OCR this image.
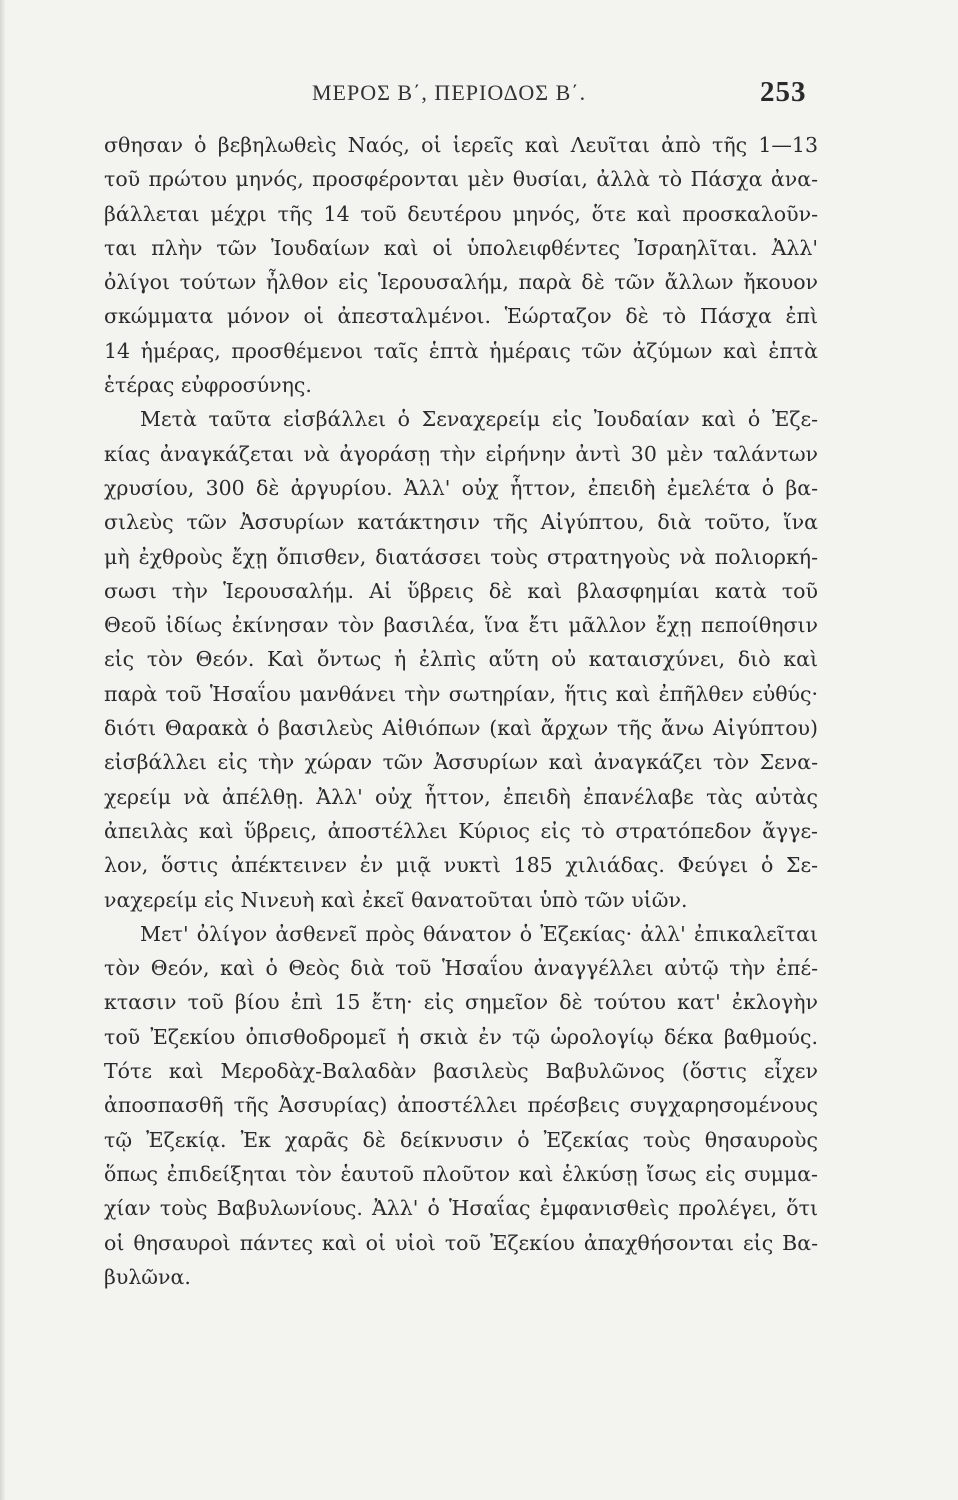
ΜΕΡΟΣ Β΄, ΠΕΡΙΟΔΟΣ Β΄.	253
σθησαν ὁ βεβηλωθεὶς Ναός, οἱ ἱερεῖς καὶ Λευῖται ἀπὸ τῆς 1—13
τοῦ πρώτου μηνός, προσφέρονται μὲν θυσίαι, ἀλλὰ τὸ Πάσχα ἀνα-
βάλλεται μέχρι τῆς 14 τοῦ δευτέρου μηνός, ὅτε καὶ προσκαλοῦν-
ται πλὴν τῶν Ἰουδαίων καὶ οἱ ὑπολειφθέντες Ἰσραηλῖται. Ἀλλ'
ὀλίγοι τούτων ἦλθον εἰς Ἱερουσαλήμ, παρὰ δὲ τῶν ἄλλων ἤκουον
σκώμματα μόνον οἱ ἀπεσταλμένοι. Ἑώρταζον δὲ τὸ Πάσχα ἐπὶ
14 ἡμέρας, προσθέμενοι ταῖς ἑπτὰ ἡμέραις τῶν ἀζύμων καὶ ἑπτὰ
ἑτέρας εὐφροσύνης.
Μετὰ ταῦτα εἰσβάλλει ὁ Σεναχερείμ εἰς Ἰουδαίαν καὶ ὁ Ἐζε-
κίας ἀναγκάζεται νὰ ἀγοράσῃ τὴν εἰρήνην ἀντὶ 30 μὲν ταλάντων
χρυσίου, 300 δὲ ἀργυρίου. Ἀλλ' οὐχ ἧττον, ἐπειδὴ ἐμελέτα ὁ βα-
σιλεὺς τῶν Ἀσσυρίων κατάκτησιν τῆς Αἰγύπτου, διὰ τοῦτο, ἵνα
μὴ ἐχθροὺς ἔχῃ ὄπισθεν, διατάσσει τοὺς στρατηγοὺς νὰ πολιορκή-
σωσι τὴν Ἱερουσαλήμ. Αἱ ὕβρεις δὲ καὶ βλασφημίαι κατὰ τοῦ
Θεοῦ ἰδίως ἐκίνησαν τὸν βασιλέα, ἵνα ἔτι μᾶλλον ἔχῃ πεποίθησιν
εἰς τὸν Θεόν. Καὶ ὄντως ἡ ἐλπὶς αὕτη οὐ καταισχύνει, διὸ καὶ
παρὰ τοῦ Ἡσαΐου μανθάνει τὴν σωτηρίαν, ἥτις καὶ ἐπῆλθεν εὐθύς·
διότι Θαρακὰ ὁ βασιλεὺς Αἰθιόπων (καὶ ἄρχων τῆς ἄνω Αἰγύπτου)
εἰσβάλλει εἰς τὴν χώραν τῶν Ἀσσυρίων καὶ ἀναγκάζει τὸν Σενα-
χερείμ νὰ ἀπέλθῃ. Ἀλλ' οὐχ ἧττον, ἐπειδὴ ἐπανέλαβε τὰς αὐτὰς
ἀπειλὰς καὶ ὕβρεις, ἀποστέλλει Κύριος εἰς τὸ στρατόπεδον ἄγγε-
λον, ὅστις ἀπέκτεινεν ἐν μιᾷ νυκτὶ 185 χιλιάδας. Φεύγει ὁ Σε-
ναχερείμ εἰς Νινευὴ καὶ ἐκεῖ θανατοῦται ὑπὸ τῶν υἱῶν.
Μετ' ὀλίγον ἀσθενεῖ πρὸς θάνατον ὁ Ἐζεκίας· ἀλλ' ἐπικαλεῖται
τὸν Θεόν, καὶ ὁ Θεὸς διὰ τοῦ Ἡσαΐου ἀναγγέλλει αὐτῷ τὴν ἐπέ-
κτασιν τοῦ βίου ἐπὶ 15 ἔτη· εἰς σημεῖον δὲ τούτου κατ' ἐκλογὴν
τοῦ Ἐζεκίου ὀπισθοδρομεῖ ἡ σκιὰ ἐν τῷ ὡρολογίῳ δέκα βαθμούς.
Τότε καὶ Μεροδὰχ-Βαλαδὰν βασιλεὺς Βαβυλῶνος (ὅστις εἶχεν
ἀποσπασθῆ τῆς Ἀσσυρίας) ἀποστέλλει πρέσβεις συγχαρησομένους
τῷ Ἐζεκίᾳ. Ἐκ χαρᾶς δὲ δείκνυσιν ὁ Ἐζεκίας τοὺς θησαυροὺς
ὅπως ἐπιδείξηται τὸν ἑαυτοῦ πλοῦτον καὶ ἑλκύσῃ ἴσως εἰς συμμα-
χίαν τοὺς Βαβυλωνίους. Ἀλλ' ὁ Ἡσαΐας ἐμφανισθεὶς προλέγει, ὅτι
οἱ θησαυροὶ πάντες καὶ οἱ υἱοὶ τοῦ Ἐζεκίου ἀπαχθήσονται εἰς Βα-
βυλῶνα.
